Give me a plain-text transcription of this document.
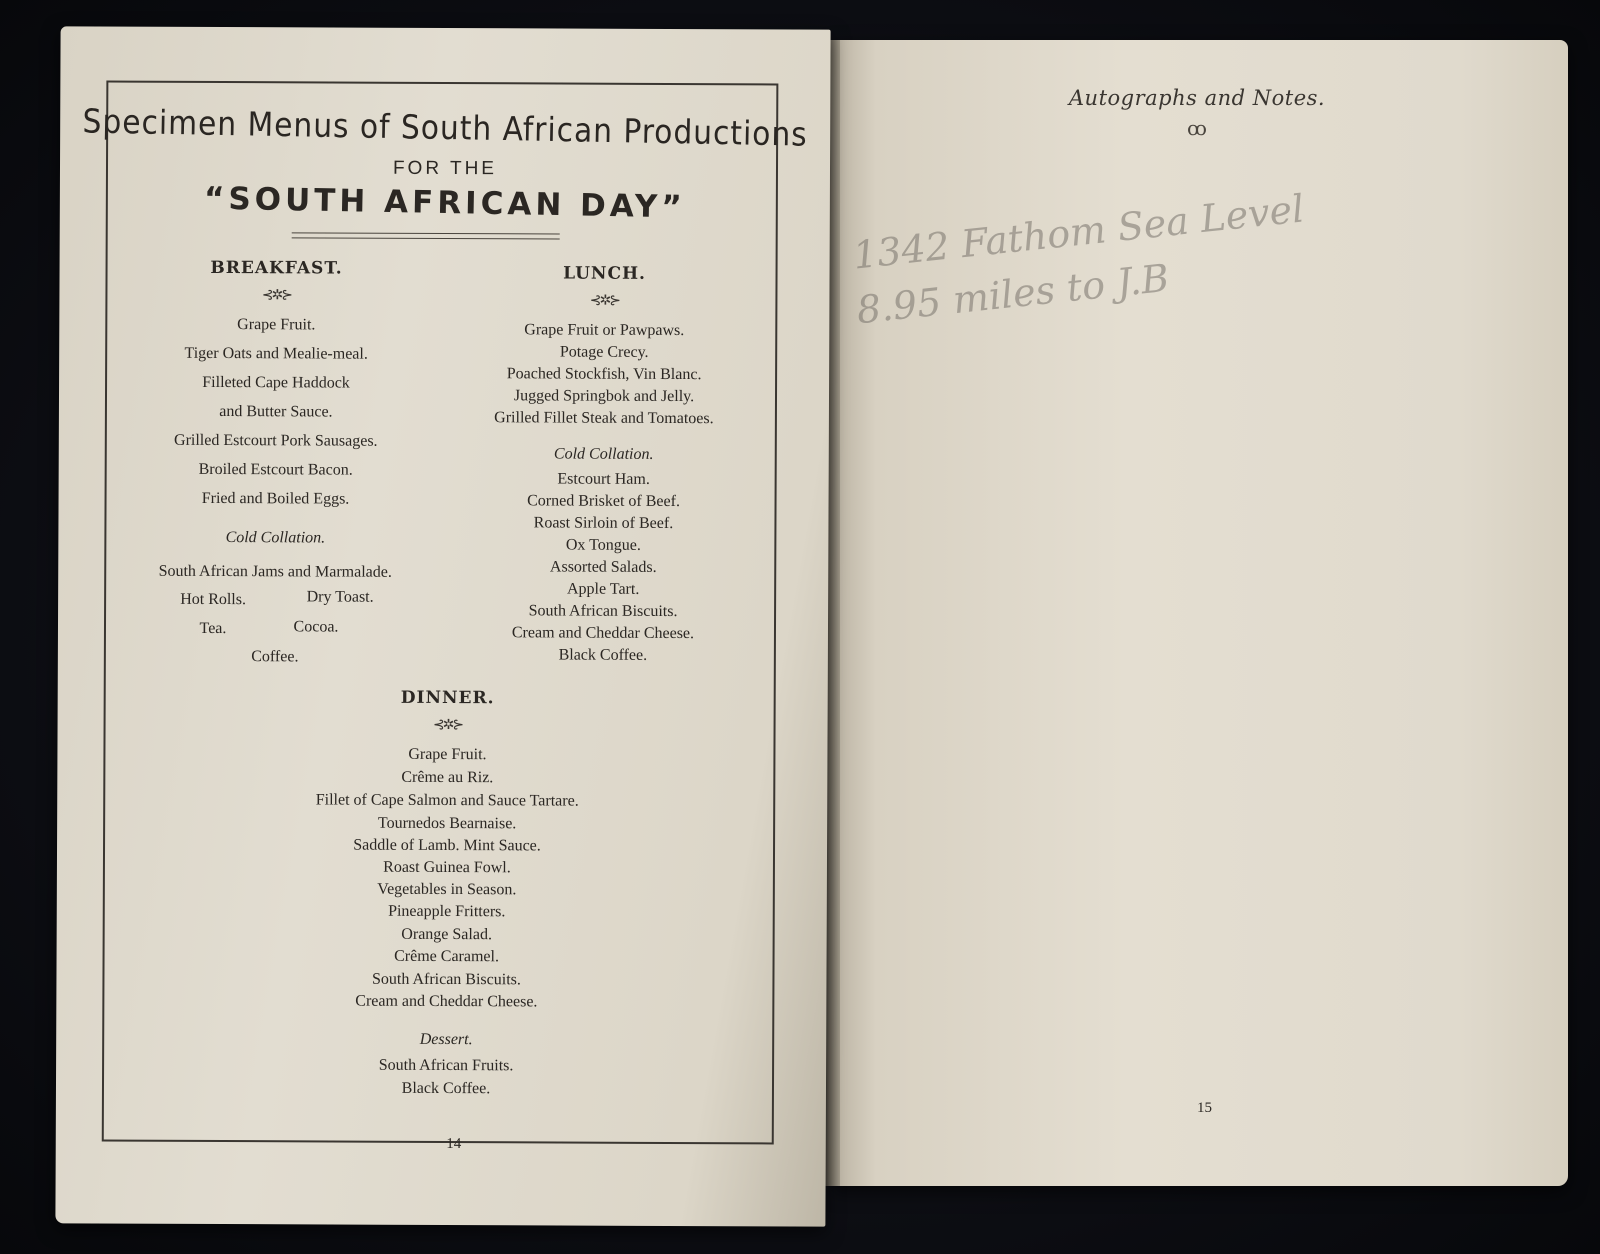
Autographs and Notes.
ꝏ
1342 Fathom Sea Level
8.95 miles to J.B
15
Specimen Menus of South African Productions
FOR THE
“SOUTH AFRICAN DAY”
BREAKFAST.
⊰✲⊱
Grape Fruit.
Tiger Oats and Mealie-meal.
Filleted Cape Haddock
and Butter Sauce.
Grilled Estcourt Pork Sausages.
Broiled Estcourt Bacon.
Fried and Boiled Eggs.
Cold Collation.
South African Jams and Marmalade.
Hot Rolls.	Dry Toast.
Tea.	Cocoa.
Coffee.
LUNCH.
⊰✲⊱
Grape Fruit or Pawpaws.
Potage Crecy.
Poached Stockfish, Vin Blanc.
Jugged Springbok and Jelly.
Grilled Fillet Steak and Tomatoes.
Cold Collation.
Estcourt Ham.
Corned Brisket of Beef.
Roast Sirloin of Beef.
Ox Tongue.
Assorted Salads.
Apple Tart.
South African Biscuits.
Cream and Cheddar Cheese.
Black Coffee.
DINNER.
⊰✲⊱
Grape Fruit.
Crême au Riz.
Fillet of Cape Salmon and Sauce Tartare.
Tournedos Bearnaise.
Saddle of Lamb. Mint Sauce.
Roast Guinea Fowl.
Vegetables in Season.
Pineapple Fritters.
Orange Salad.
Crême Caramel.
South African Biscuits.
Cream and Cheddar Cheese.
Dessert.
South African Fruits.
Black Coffee.
14
